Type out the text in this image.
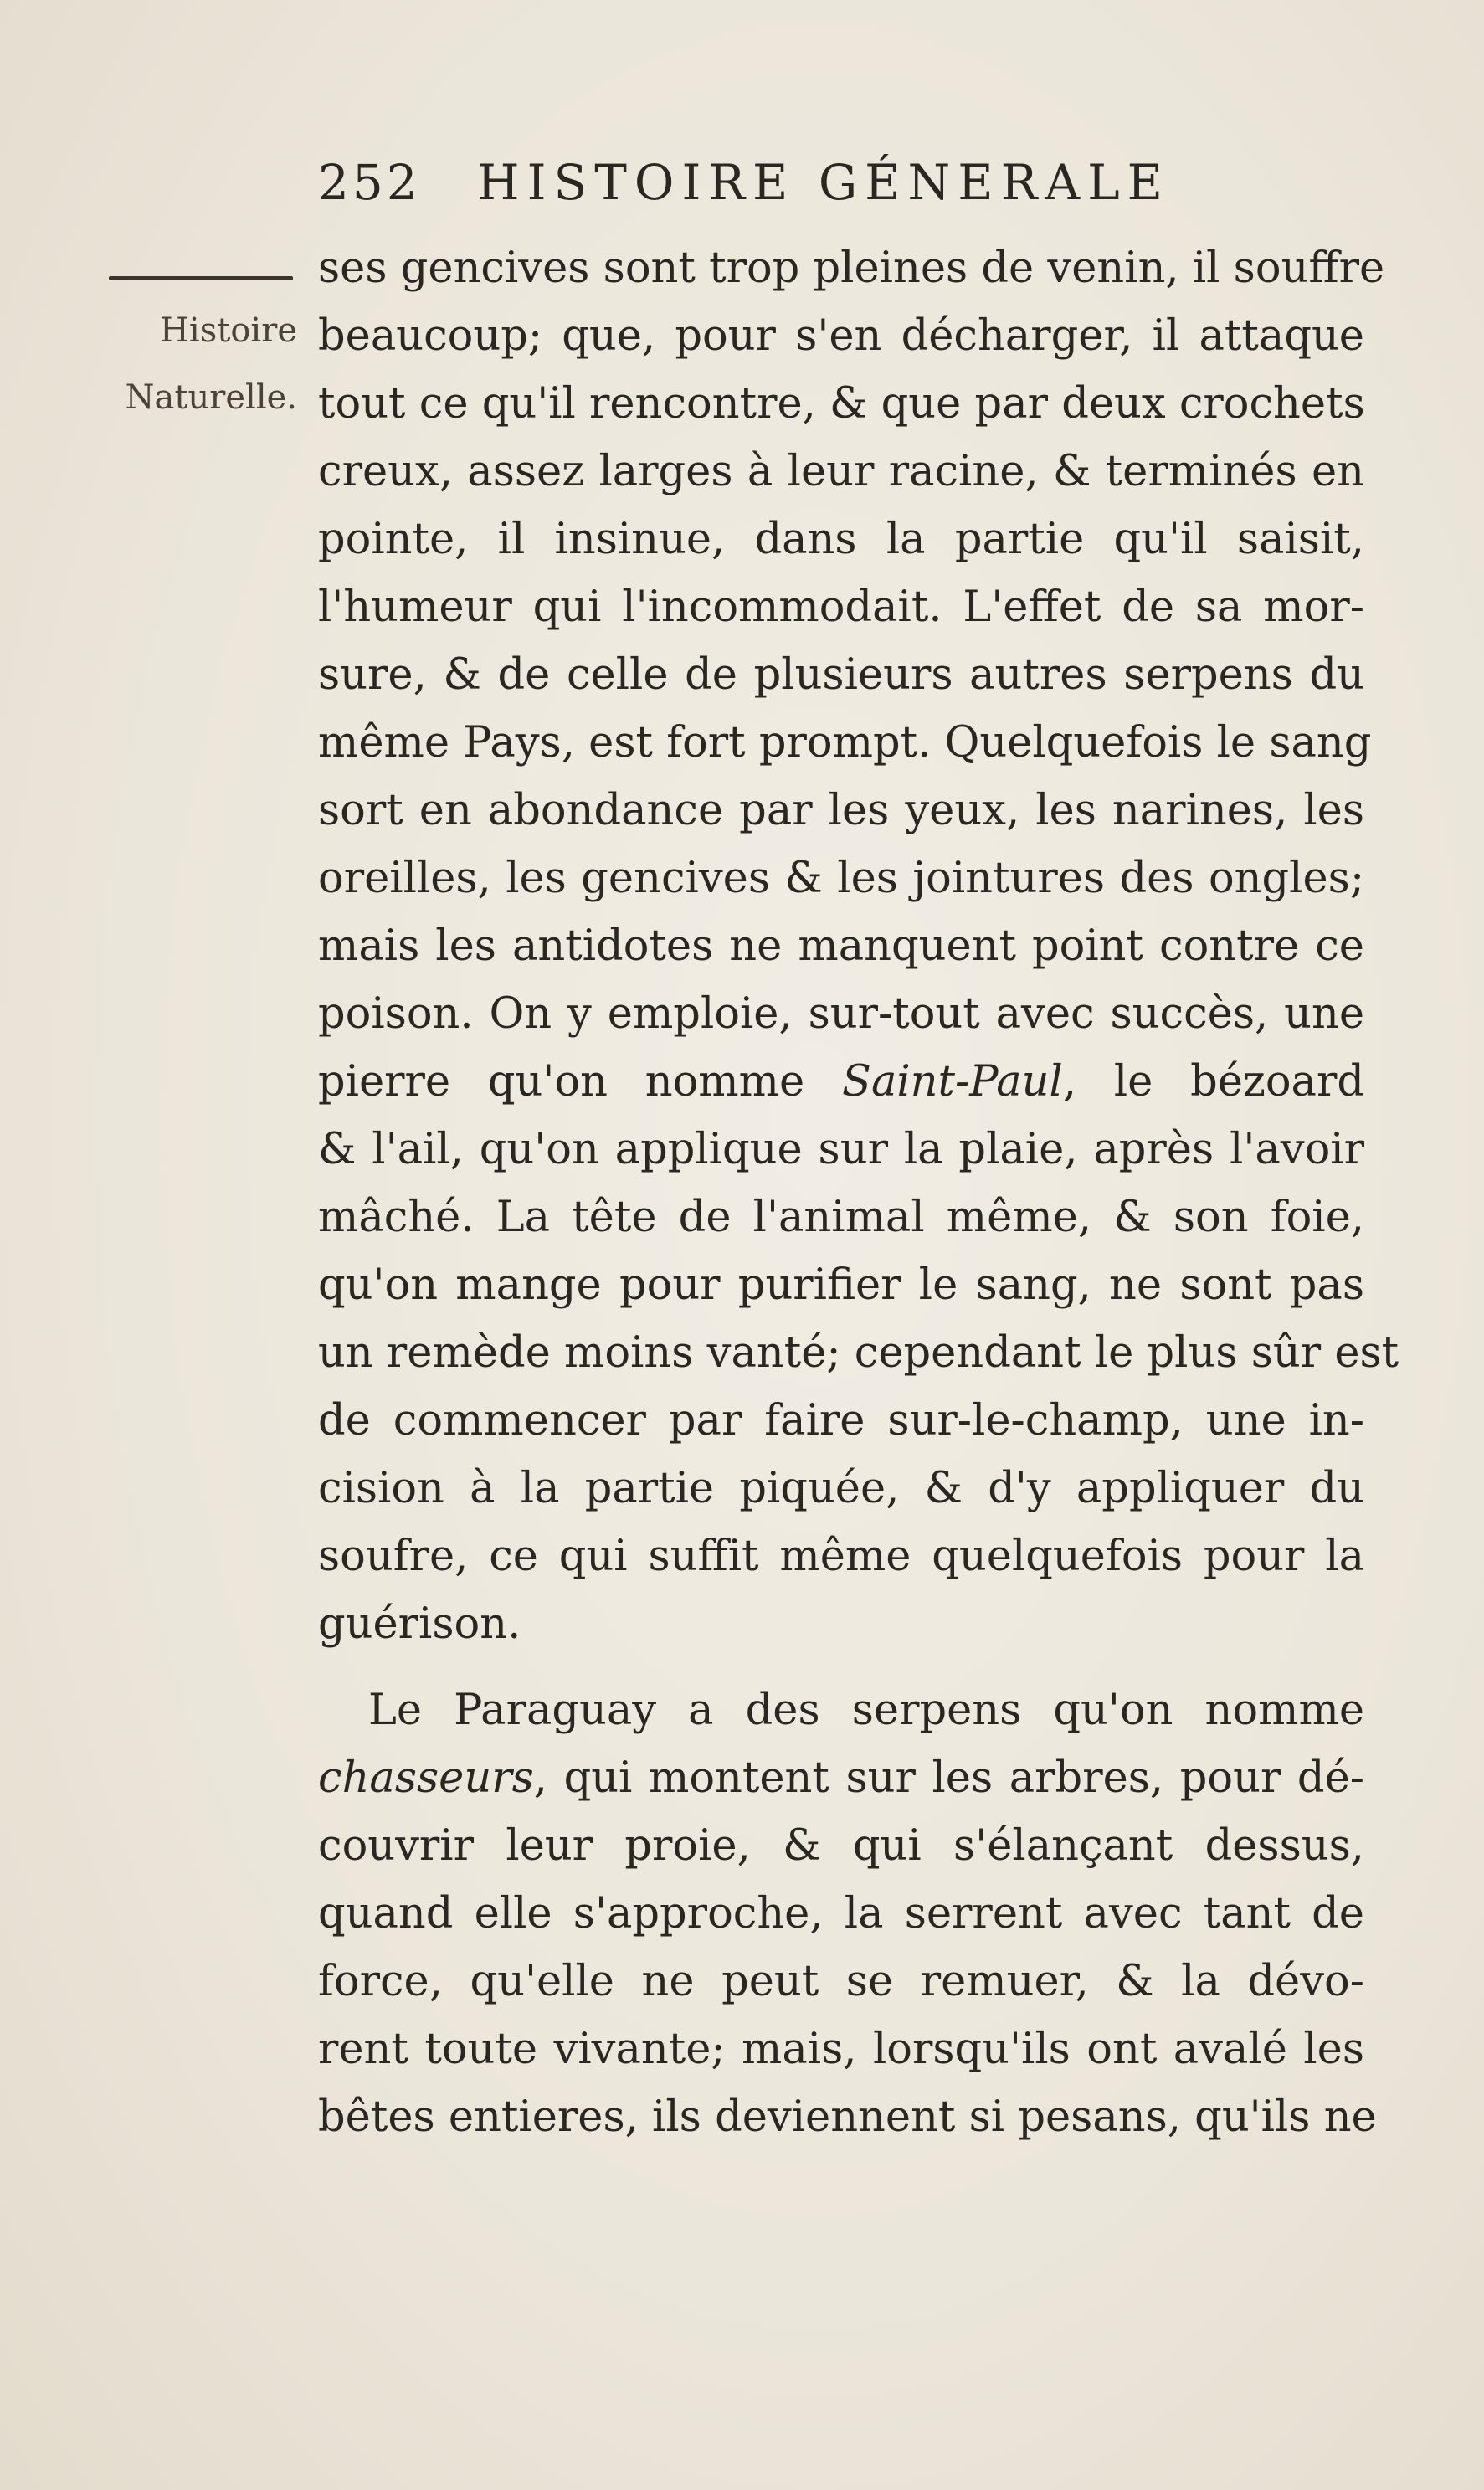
252 HISTOIRE GÉNERALE
Histoire
Naturelle.
ses gencives sont trop pleines de venin, il souffre
beaucoup; que, pour s'en décharger, il attaque
tout ce qu'il rencontre, & que par deux crochets
creux, assez larges à leur racine, & terminés en
pointe, il insinue, dans la partie qu'il saisit,
l'humeur qui l'incommodait. L'effet de sa mor-
sure, & de celle de plusieurs autres serpens du
même Pays, est fort prompt. Quelquefois le sang
sort en abondance par les yeux, les narines, les
oreilles, les gencives & les jointures des ongles;
mais les antidotes ne manquent point contre ce
poison. On y emploie, sur-tout avec succès, une
pierre qu'on nomme Saint-Paul, le bézoard
& l'ail, qu'on applique sur la plaie, après l'avoir
mâché. La tête de l'animal même, & son foie,
qu'on mange pour purifier le sang, ne sont pas
un remède moins vanté; cependant le plus sûr est
de commencer par faire sur-le-champ, une in-
cision à la partie piquée, & d'y appliquer du
soufre, ce qui suffit même quelquefois pour la
guérison.
Le Paraguay a des serpens qu'on nomme
chasseurs, qui montent sur les arbres, pour dé-
couvrir leur proie, & qui s'élançant dessus,
quand elle s'approche, la serrent avec tant de
force, qu'elle ne peut se remuer, & la dévo-
rent toute vivante; mais, lorsqu'ils ont avalé les
bêtes entieres, ils deviennent si pesans, qu'ils ne
